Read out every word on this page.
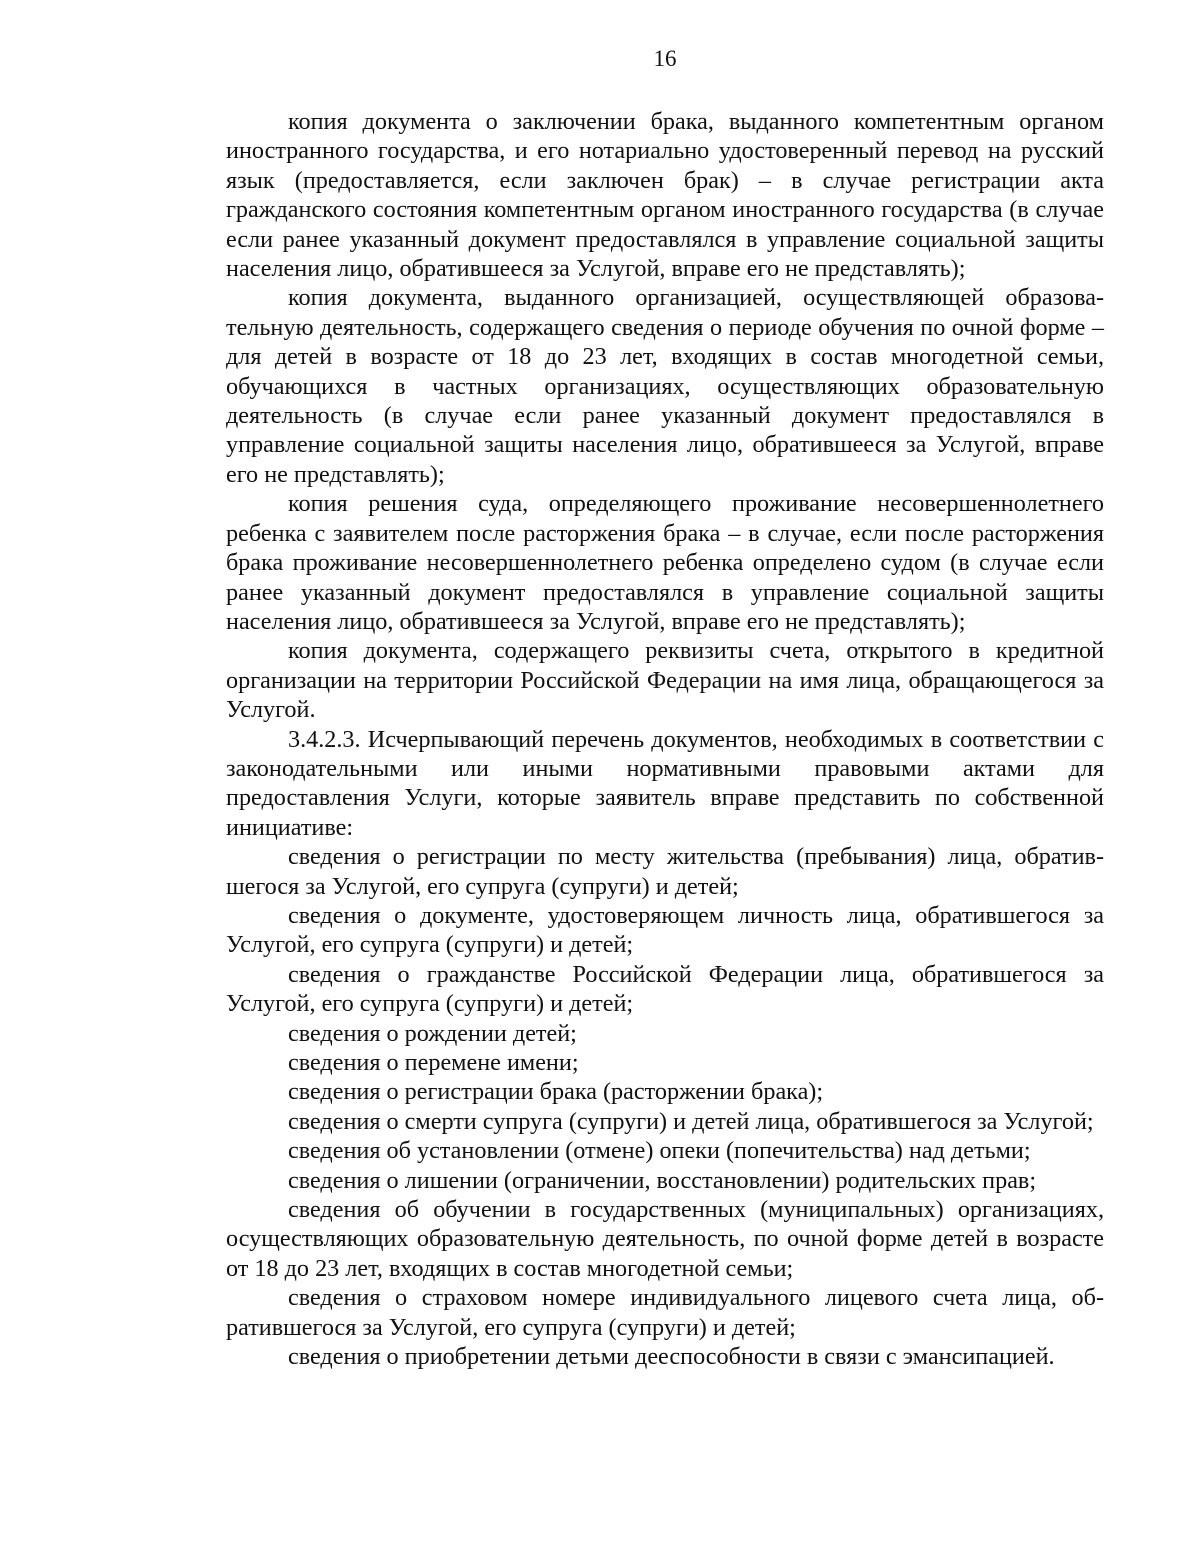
16

копия документа о заключении брака, выданного компетентным органом иностранного государства, и его нотариально удостоверенный перевод на русский язык (предоставляется, если заключен брак) – в случае регистрации акта гражданского состояния компетентным органом иностранного государства (в случае если ранее указанный документ предоставлялся в управление социальной защиты населения лицо, обратившееся за Услугой, вправе его не представлять);

копия документа, выданного организацией, осуществляющей образовательную деятельность, содержащего сведения о периоде обучения по очной форме – для детей в возрасте от 18 до 23 лет, входящих в состав многодетной семьи, обучающихся в частных организациях, осуществляющих образовательную деятельность (в случае если ранее указанный документ предоставлялся в управление социальной защиты населения лицо, обратившееся за Услугой, вправе его не представлять);

копия решения суда, определяющего проживание несовершеннолетнего ребенка с заявителем после расторжения брака – в случае, если после расторжения брака проживание несовершеннолетнего ребенка определено судом (в случае если ранее указанный документ предоставлялся в управление социальной защиты населения лицо, обратившееся за Услугой, вправе его не представлять);

копия документа, содержащего реквизиты счета, открытого в кредитной организации на территории Российской Федерации на имя лица, обращающегося за Услугой.

3.4.2.3. Исчерпывающий перечень документов, необходимых в соответствии с законодательными или иными нормативными правовыми актами для предоставления Услуги, которые заявитель вправе представить по собственной инициативе:

сведения о регистрации по месту жительства (пребывания) лица, обратившегося за Услугой, его супруга (супруги) и детей;

сведения о документе, удостоверяющем личность лица, обратившегося за Услугой, его супруга (супруги) и детей;

сведения о гражданстве Российской Федерации лица, обратившегося за Услугой, его супруга (супруги) и детей;

сведения о рождении детей;

сведения о перемене имени;

сведения о регистрации брака (расторжении брака);

сведения о смерти супруга (супруги) и детей лица, обратившегося за Услугой;

сведения об установлении (отмене) опеки (попечительства) над детьми;

сведения о лишении (ограничении, восстановлении) родительских прав;

сведения об обучении в государственных (муниципальных) организациях, осуществляющих образовательную деятельность, по очной форме детей в возрасте от 18 до 23 лет, входящих в состав многодетной семьи;

сведения о страховом номере индивидуального лицевого счета лица, обратившегося за Услугой, его супруга (супруги) и детей;

сведения о приобретении детьми дееспособности в связи с эмансипацией.
